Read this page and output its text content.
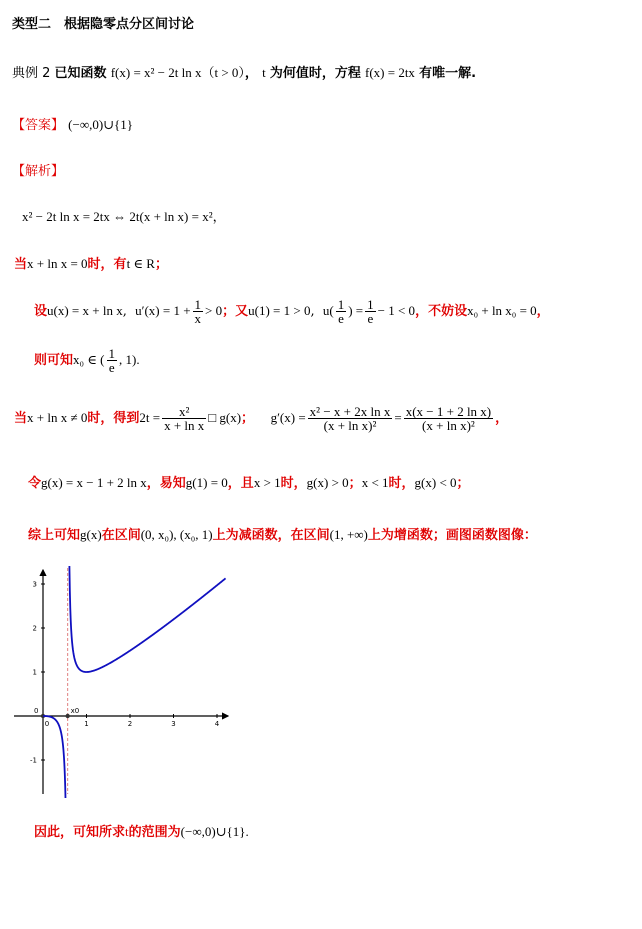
类型二　根据隐零点分区间讨论
典例 2 已知函数 f(x) = x² − 2t ln x（t > 0）， t 为何值时，方程 f(x) = 2tx 有唯一解.
【答案】 (−∞,0)∪{1}
【解析】
x² − 2t ln x = 2tx ⇔ 2t(x + ln x) = x²，
当x + ln x = 0时，有t ∈ R；
设u(x) = x + ln x,  $u'(x) = 1 + \frac{1}{x} > 0$；又u(1) = 1 > 0,  $u( \frac{1}{e}$ ) = $\frac{1}{e} - 1 < 0$，不妨设x₀ + ln x₀ = 0，
则可知x₀ ∈ ( $\frac{1}{e}$ , 1).
当x + ln x ≠ 0时，得到$2t = \frac{\text{x²}}{\text{x + ln x}}$ □ g(x)； $g'(x) = \frac{\text{x² − x + 2x ln x}}{\text{(x + ln x)²}} = \frac{\text{x(x − 1 + 2 ln x)}}{\text{(x + ln x)²}}$ ，
令g(x) = x − 1 + 2 ln x，易知g(1) = 0，且x > 1时，g(x) > 0；x < 1时，g(x) < 0；
综上可知g(x)在区间(0, x₀), (x₀, 1)上为减函数，在区间(1, +∞)上为增函数；画图函数图像：
0	1	2	3	4
-1
1
2
3
0	x0
因此，可知所求t的范围为(−∞,0)∪{1}.
